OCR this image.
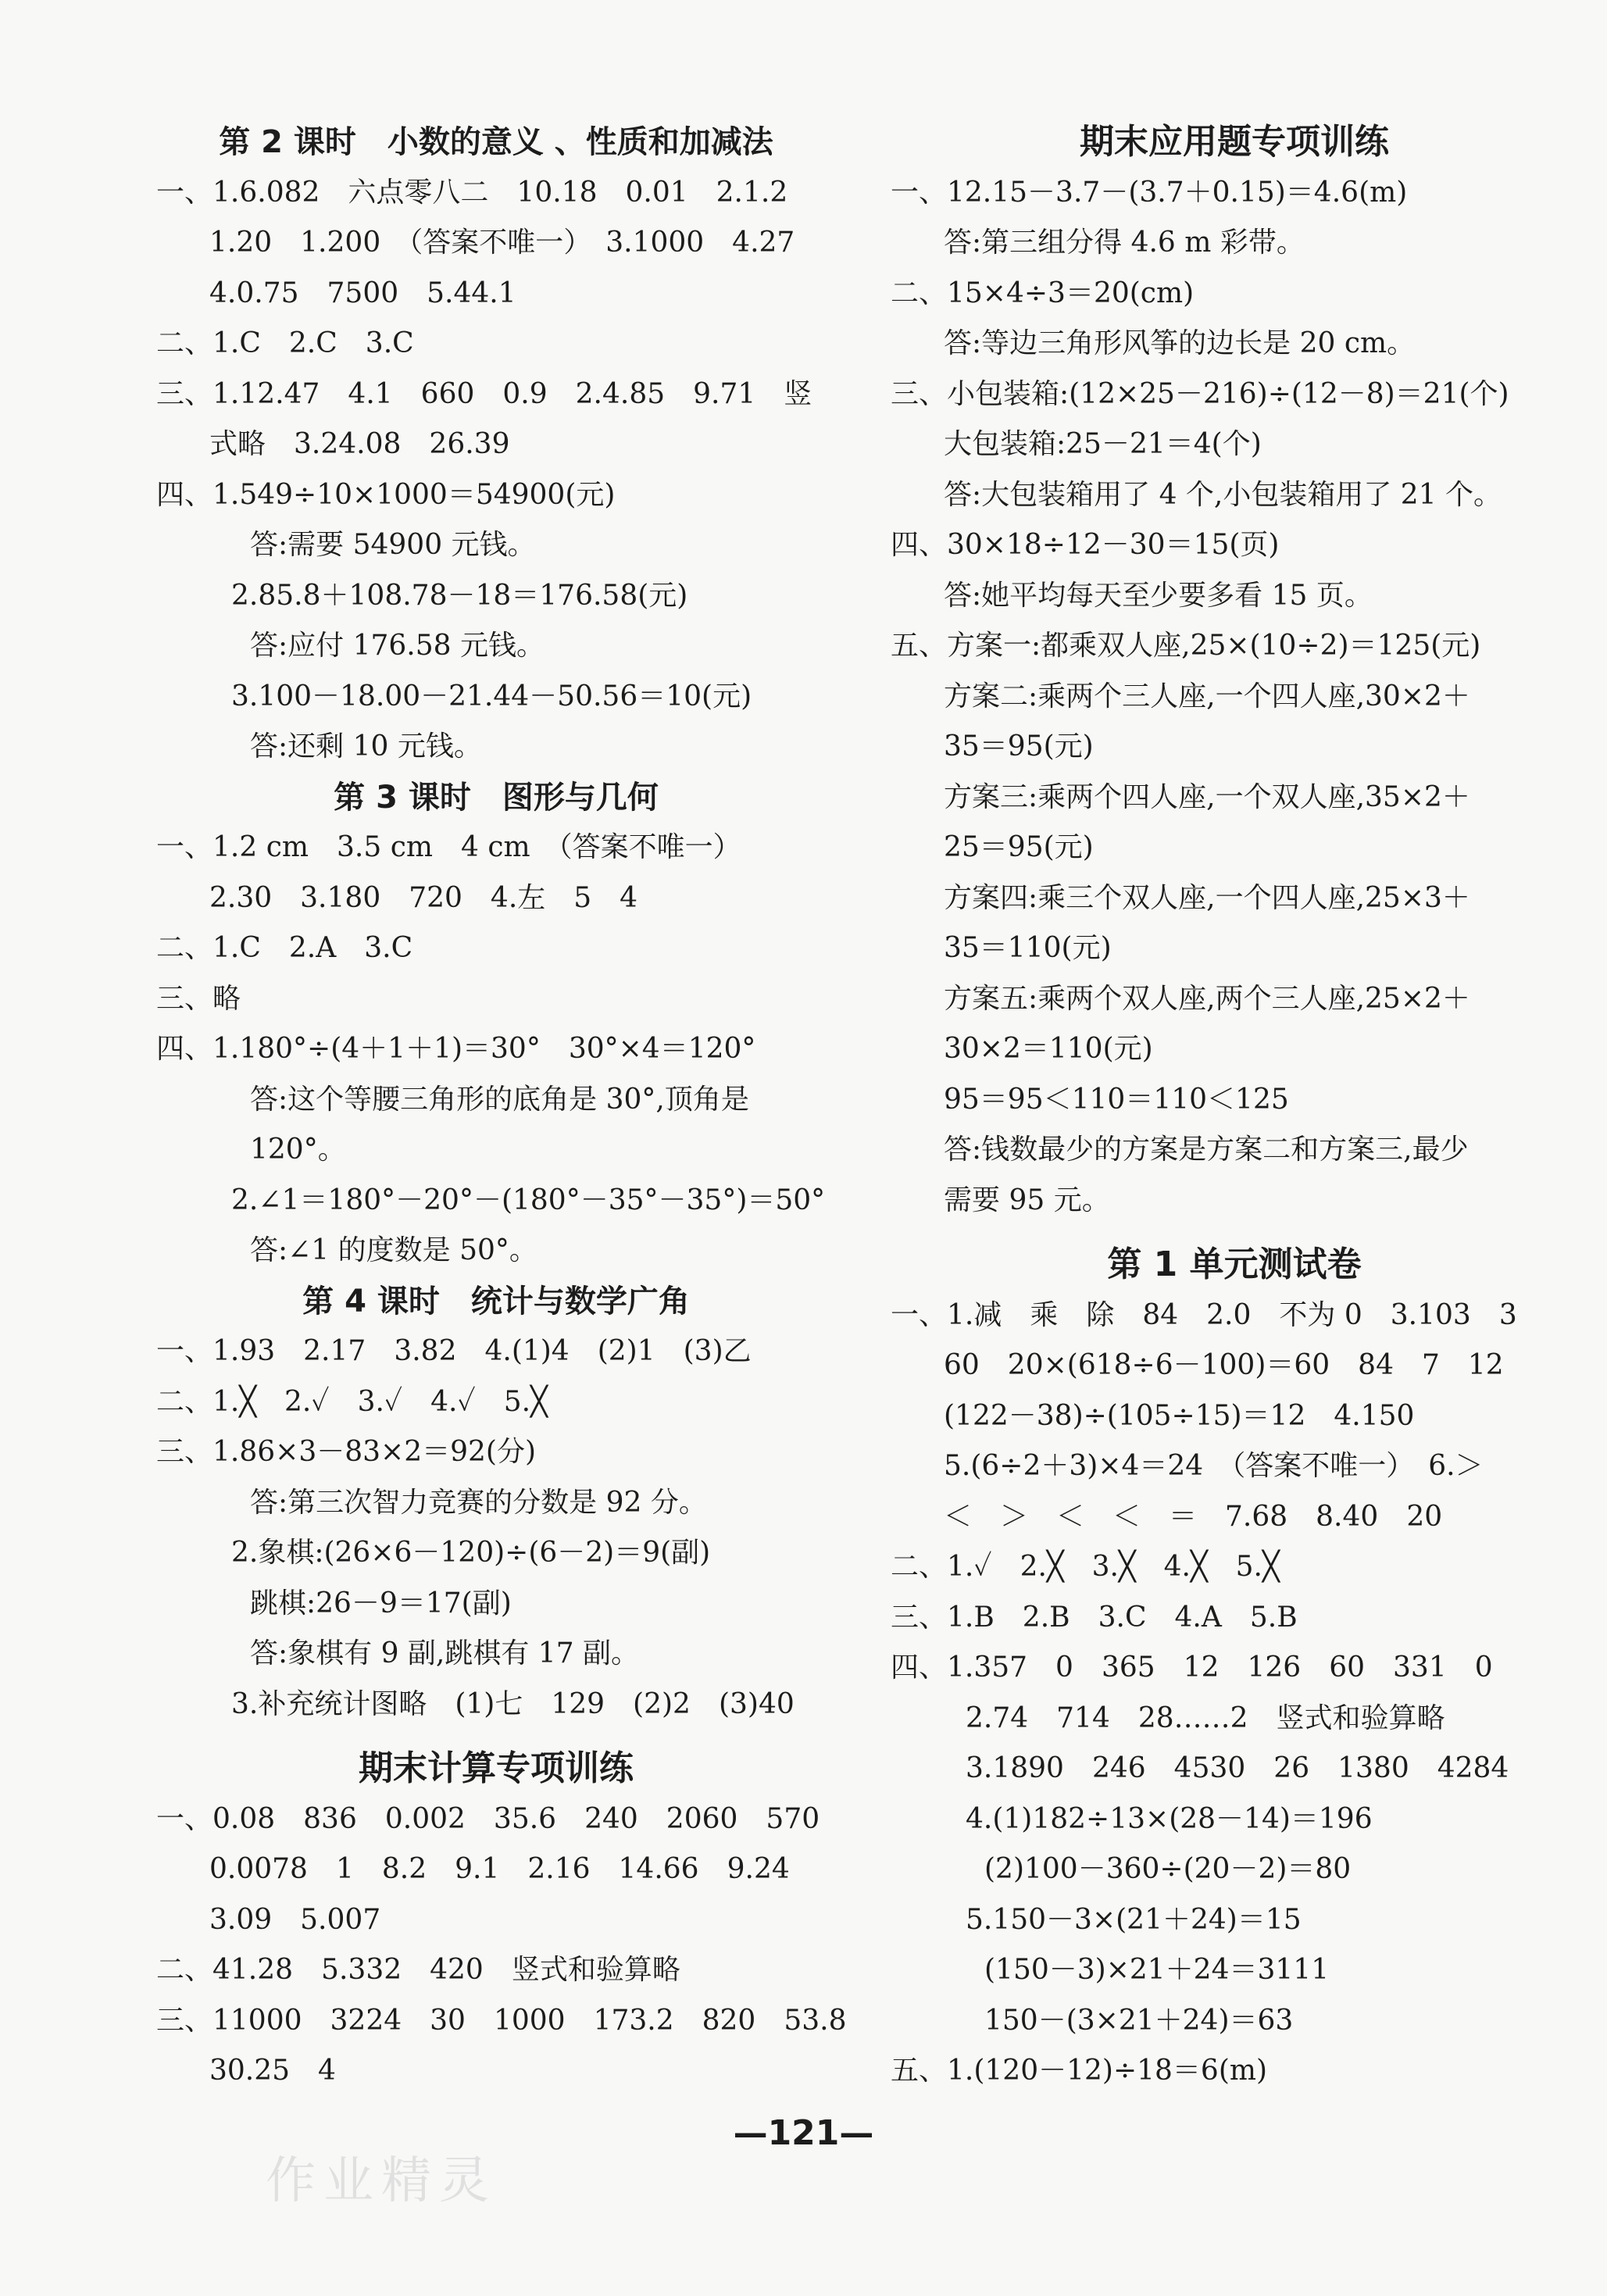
第 2 课时　小数的意义 、性质和加减法
一、1.6.082　六点零八二　10.18　0.01　2.1.2
1.20　1.200　（答案不唯一）　3.1000　4.27
4.0.75　7500　5.44.1
二、1.C　2.C　3.C
三、1.12.47　4.1　660　0.9　2.4.85　9.71　竖
式略　3.24.08　26.39
四、1.549÷10×1000＝54900(元)
答:需要 54900 元钱。
2.85.8＋108.78－18＝176.58(元)
答:应付 176.58 元钱。
3.100－18.00－21.44－50.56＝10(元)
答:还剩 10 元钱。
第 3 课时　图形与几何
一、1.2 cm　3.5 cm　4 cm　（答案不唯一）
2.30　3.180　720　4.左　5　4
二、1.C　2.A　3.C
三、略
四、1.180°÷(4＋1＋1)＝30°　30°×4＝120°
答:这个等腰三角形的底角是 30°,顶角是
120°。
2.∠1＝180°－20°－(180°－35°－35°)＝50°
答:∠1 的度数是 50°。
第 4 课时　统计与数学广角
一、1.93　2.17　3.82　4.(1)4　(2)1　(3)乙
二、1.╳　2.✓　3.✓　4.✓　5.╳
三、1.86×3－83×2＝92(分)
答:第三次智力竞赛的分数是 92 分。
2.象棋:(26×6－120)÷(6－2)＝9(副)
跳棋:26－9＝17(副)
答:象棋有 9 副,跳棋有 17 副。
3.补充统计图略　(1)七　129　(2)2　(3)40
期末计算专项训练
一、0.08　836　0.002　35.6　240　2060　570
0.0078　1　8.2　9.1　2.16　14.66　9.24
3.09　5.007
二、41.28　5.332　420　竖式和验算略
三、11000　3224　30　1000　173.2　820　53.8
30.25　4
期末应用题专项训练
一、12.15－3.7－(3.7＋0.15)＝4.6(m)
答:第三组分得 4.6 m 彩带。
二、15×4÷3＝20(cm)
答:等边三角形风筝的边长是 20 cm。
三、小包装箱:(12×25－216)÷(12－8)＝21(个)
大包装箱:25－21＝4(个)
答:大包装箱用了 4 个,小包装箱用了 21 个。
四、30×18÷12－30＝15(页)
答:她平均每天至少要多看 15 页。
五、方案一:都乘双人座,25×(10÷2)＝125(元)
方案二:乘两个三人座,一个四人座,30×2＋
35＝95(元)
方案三:乘两个四人座,一个双人座,35×2＋
25＝95(元)
方案四:乘三个双人座,一个四人座,25×3＋
35＝110(元)
方案五:乘两个双人座,两个三人座,25×2＋
30×2＝110(元)
95＝95＜110＝110＜125
答:钱数最少的方案是方案二和方案三,最少
需要 95 元。
第 1 单元测试卷
一、1.减　乘　除　84　2.0　不为 0　3.103　3
60　20×(618÷6－100)＝60　84　7　12
(122－38)÷(105÷15)＝12　4.150
5.(6÷2＋3)×4＝24　（答案不唯一）　6.＞
＜　＞　＜　＜　＝　7.68　8.40　20
二、1.✓　2.╳　3.╳　4.╳　5.╳
三、1.B　2.B　3.C　4.A　5.B
四、1.357　0　365　12　126　60　331　0
2.74　714　28……2　竖式和验算略
3.1890　246　4530　26　1380　4284
4.(1)182÷13×(28－14)＝196
(2)100－360÷(20－2)＝80
5.150－3×(21＋24)＝15
(150－3)×21＋24＝3111
150－(3×21＋24)＝63
五、1.(120－12)÷18＝6(m)
—121—
作业精灵
